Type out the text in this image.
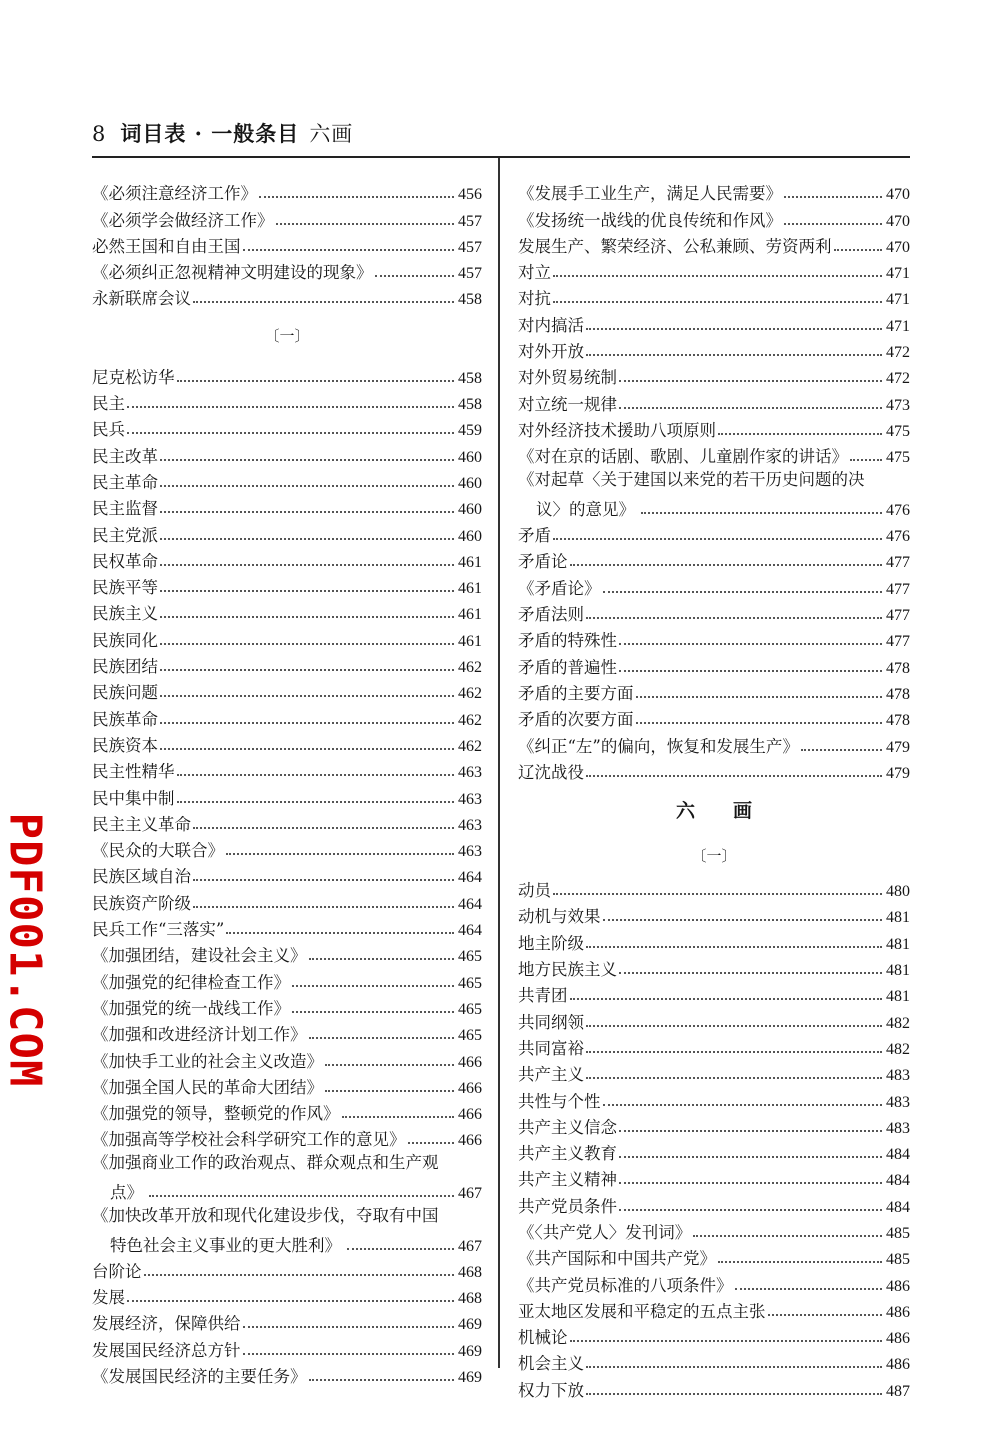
8 词目表 · 一般条目 六画
《必须注意经济工作》	456
《必须学会做经济工作》	457
必然王国和自由王国	457
《必须纠正忽视精神文明建设的现象》	457
永新联席会议	458
〔一〕
尼克松访华	458
民主	458
民兵	459
民主改革	460
民主革命	460
民主监督	460
民主党派	460
民权革命	461
民族平等	461
民族主义	461
民族同化	461
民族团结	462
民族问题	462
民族革命	462
民族资本	462
民主性精华	463
民中集中制	463
民主主义革命	463
《民众的大联合》	463
民族区域自治	464
民族资产阶级	464
民兵工作“三落实”	464
《加强团结，建设社会主义》	465
《加强党的纪律检查工作》	465
《加强党的统一战线工作》	465
《加强和改进经济计划工作》	465
《加快手工业的社会主义改造》	466
《加强全国人民的革命大团结》	466
《加强党的领导，整顿党的作风》	466
《加强高等学校社会科学研究工作的意见》	466
《加强商业工作的政治观点、群众观点和生产观
点》	467
《加快改革开放和现代化建设步伐，夺取有中国
特色社会主义事业的更大胜利》	467
台阶论	468
发展	468
发展经济，保障供给	469
发展国民经济总方针	469
《发展国民经济的主要任务》	469
《发展手工业生产，满足人民需要》	470
《发扬统一战线的优良传统和作风》	470
发展生产、繁荣经济、公私兼顾、劳资两利	470
对立	471
对抗	471
对内搞活	471
对外开放	472
对外贸易统制	472
对立统一规律	473
对外经济技术援助八项原则	475
《对在京的话剧、歌剧、儿童剧作家的讲话》 475
《对起草〈关于建国以来党的若干历史问题的决
议〉的意见》	476
矛盾	476
矛盾论	477
《矛盾论》	477
矛盾法则	477
矛盾的特殊性	477
矛盾的普遍性	478
矛盾的主要方面	478
矛盾的次要方面	478
《纠正“左”的偏向，恢复和发展生产》	479
辽沈战役	479
六画
〔一〕
动员	480
动机与效果	481
地主阶级	481
地方民族主义	481
共青团	481
共同纲领	482
共同富裕	482
共产主义	483
共性与个性	483
共产主义信念	483
共产主义教育	484
共产主义精神	484
共产党员条件	484
《〈共产党人〉发刊词》	485
《共产国际和中国共产党》	485
《共产党员标准的八项条件》	486
亚太地区发展和平稳定的五点主张	486
机械论	486
机会主义	486
权力下放	487
PDF001.COM
